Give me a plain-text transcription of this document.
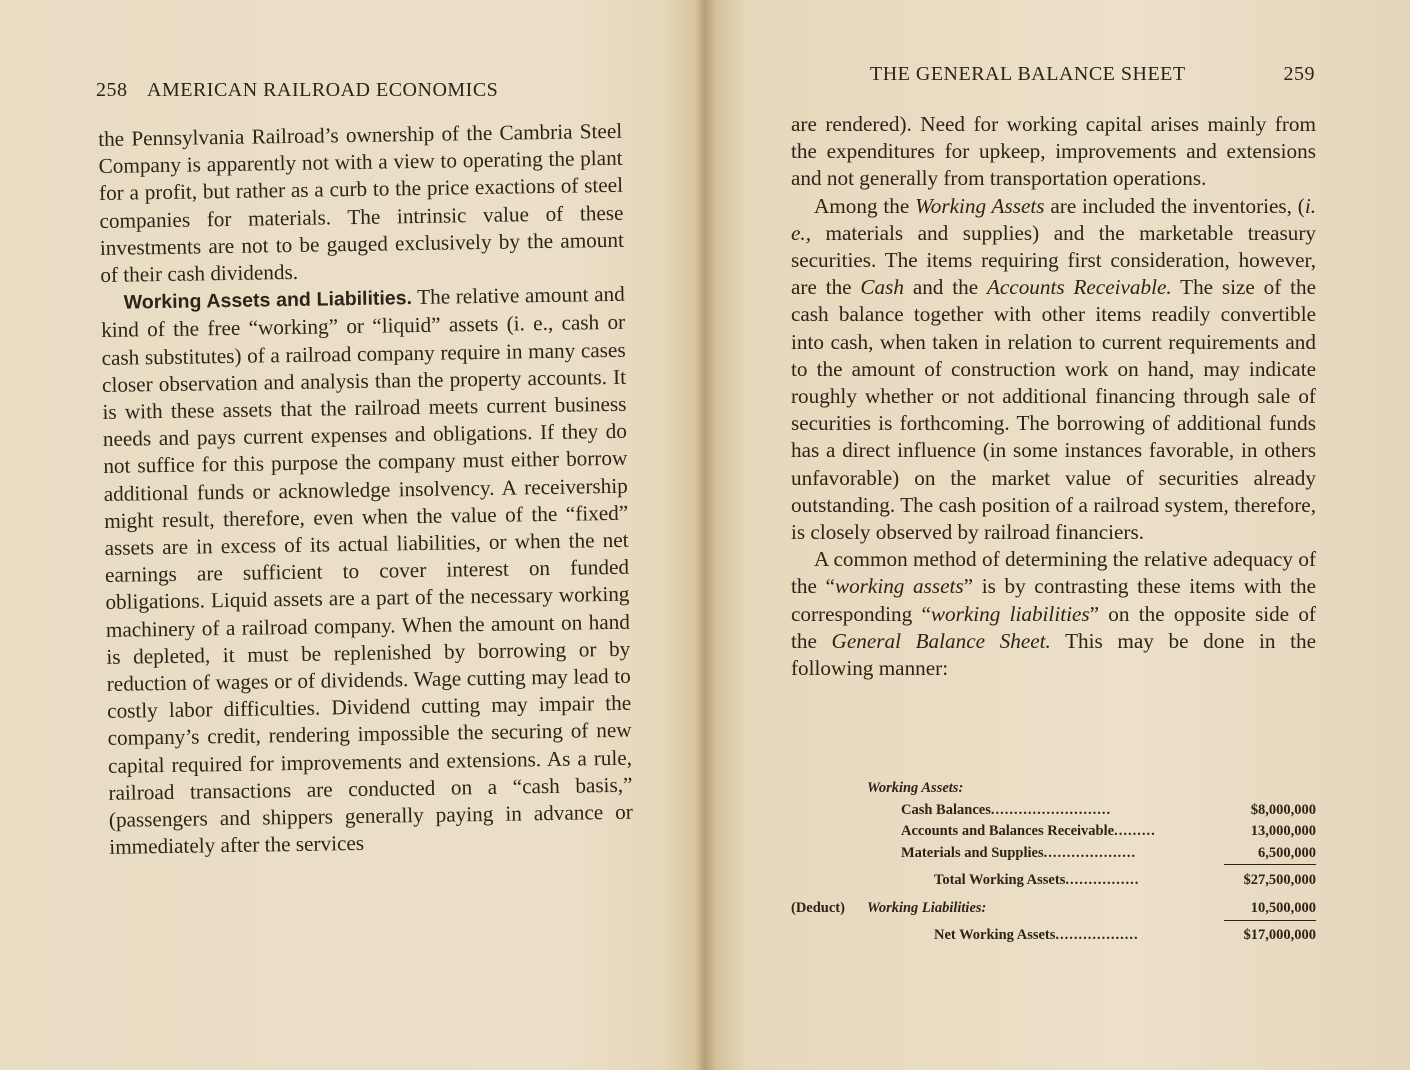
258 AMERICAN RAILROAD ECONOMICS

the Pennsylvania Railroad’s ownership of the Cambria Steel Company is apparently not with a view to operating the plant for a profit, but rather as a curb to the price exactions of steel companies for materials. The intrinsic value of these investments are not to be gauged exclusively by the amount of their cash dividends.

Working Assets and Liabilities. The relative amount and kind of the free “working” or “liquid” assets (i. e., cash or cash substitutes) of a railroad company require in many cases closer observation and analysis than the property accounts. It is with these assets that the railroad meets current business needs and pays current expenses and obligations. If they do not suffice for this purpose the company must either borrow additional funds or acknowledge insolvency. A receivership might result, therefore, even when the value of the “fixed” assets are in excess of its actual liabilities, or when the net earnings are sufficient to cover interest on funded obligations. Liquid assets are a part of the necessary working machinery of a railroad company. When the amount on hand is depleted, it must be replenished by borrowing or by reduction of wages or of dividends. Wage cutting may lead to costly labor difficulties. Dividend cutting may impair the company’s credit, rendering impossible the securing of new capital required for improvements and extensions. As a rule, railroad transactions are conducted on a “cash basis,” (passengers and shippers generally paying in advance or immediately after the services

THE GENERAL BALANCE SHEET	259

are rendered). Need for working capital arises mainly from the expenditures for upkeep, improvements and extensions and not generally from transportation operations.

Among the Working Assets are included the inventories, (i. e., materials and supplies) and the marketable treasury securities. The items requiring first consideration, however, are the Cash and the Accounts Receivable. The size of the cash balance together with other items readily convertible into cash, when taken in relation to current requirements and to the amount of construction work on hand, may indicate roughly whether or not additional financing through sale of securities is forthcoming. The borrowing of additional funds has a direct influence (in some instances favorable, in others unfavorable) on the market value of securities already outstanding. The cash position of a railroad system, therefore, is closely observed by railroad financiers.

A common method of determining the relative adequacy of the “working assets” is by contrasting these items with the corresponding “working liabilities” on the opposite side of the General Balance Sheet. This may be done in the following manner:

Working Assets:
Cash Balances..........................	$8,000,000
Accounts and Balances Receivable.........	13,000,000
Materials and Supplies....................	6,500,000
Total Working Assets................	$27,500,000
(Deduct) Working Liabilities:	10,500,000
Net Working Assets..................	$17,000,000
